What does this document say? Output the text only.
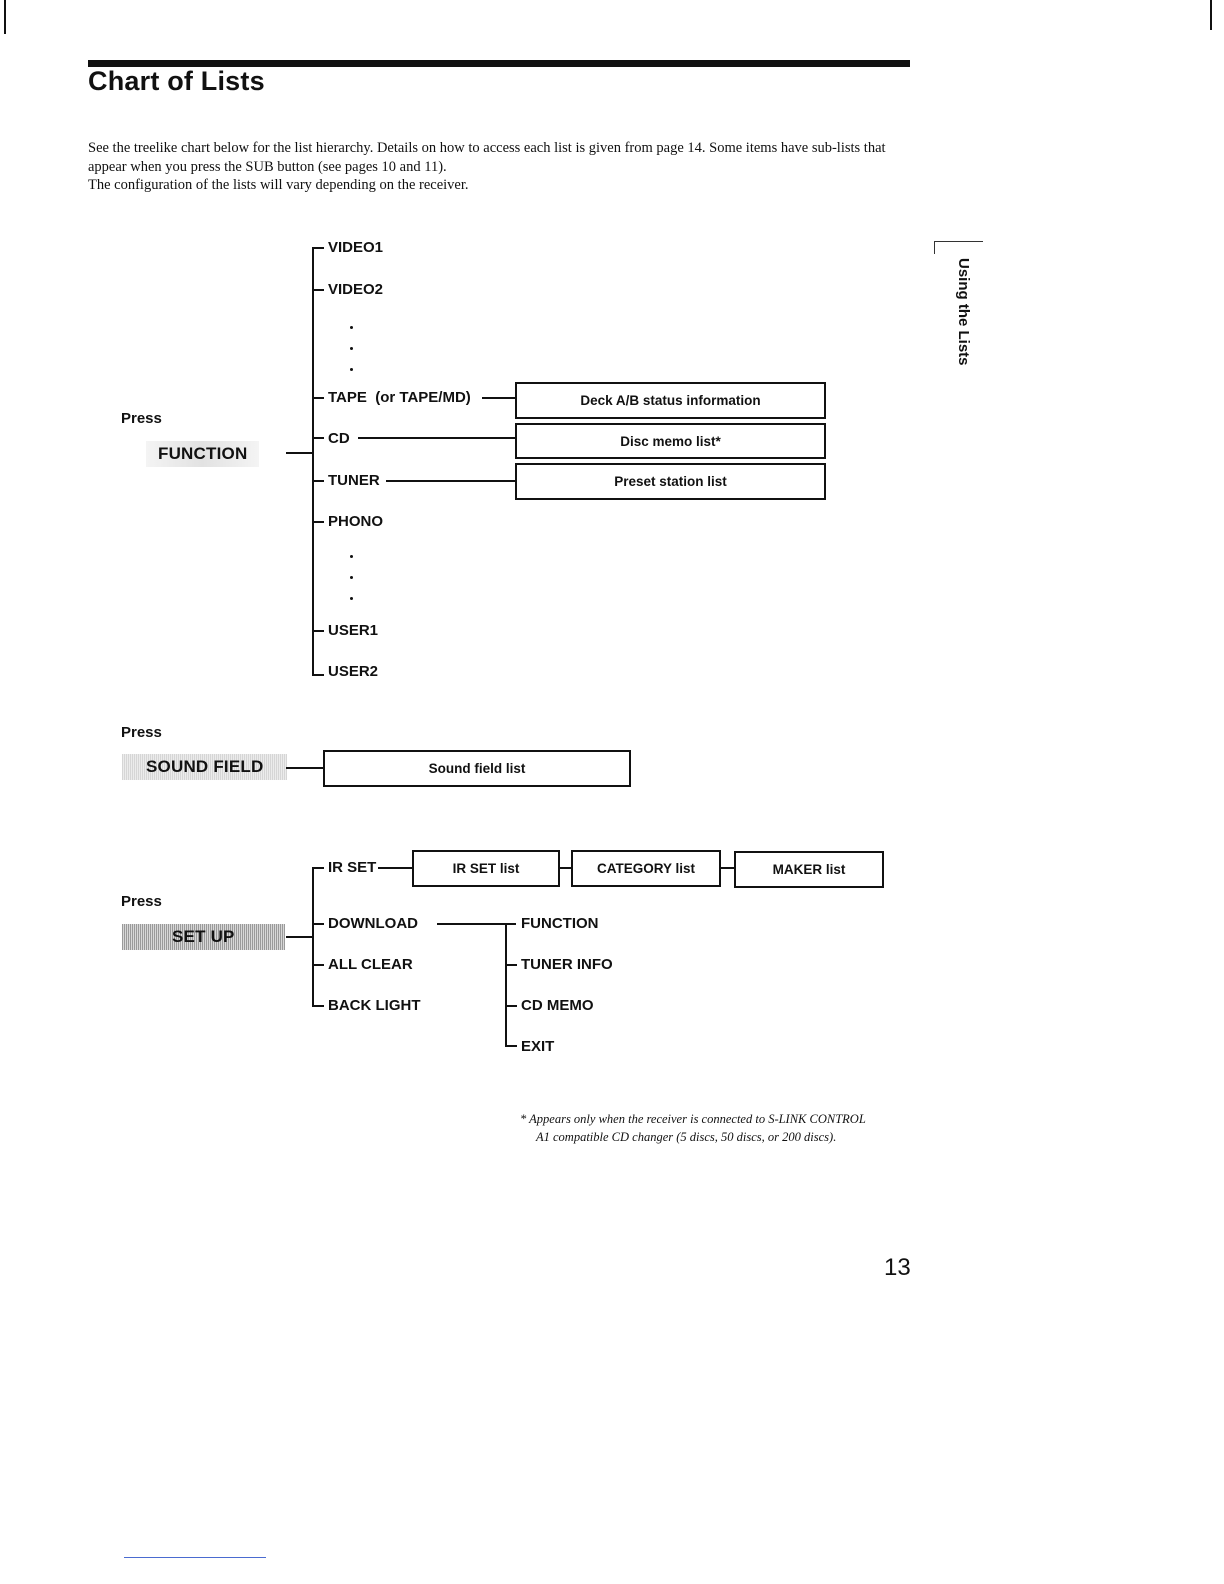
Chart of Lists

See the treelike chart below for the list hierarchy. Details on how to access each list is given from page 14. Some items have sub-lists that appear when you press the SUB button (see pages 10 and 11).

The configuration of the lists will vary depending on the receiver.

Using the Lists
Press
FUNCTION
VIDEO1
VIDEO2
TAPE  (or TAPE/MD)
CD
TUNER
PHONO
USER1
USER2
Deck A/B status information
Disc memo list*
Preset station list
Press
SOUND FIELD	Sound field list
Press
SET UP
IR SET
DOWNLOAD
ALL CLEAR
BACK LIGHT
IR SET list	CATEGORY list	MAKER list
FUNCTION
TUNER INFO
CD MEMO
EXIT
* Appears only when the receiver is connected to S-LINK CONTROL
A1 compatible CD changer (5 discs, 50 discs, or 200 discs).
13
